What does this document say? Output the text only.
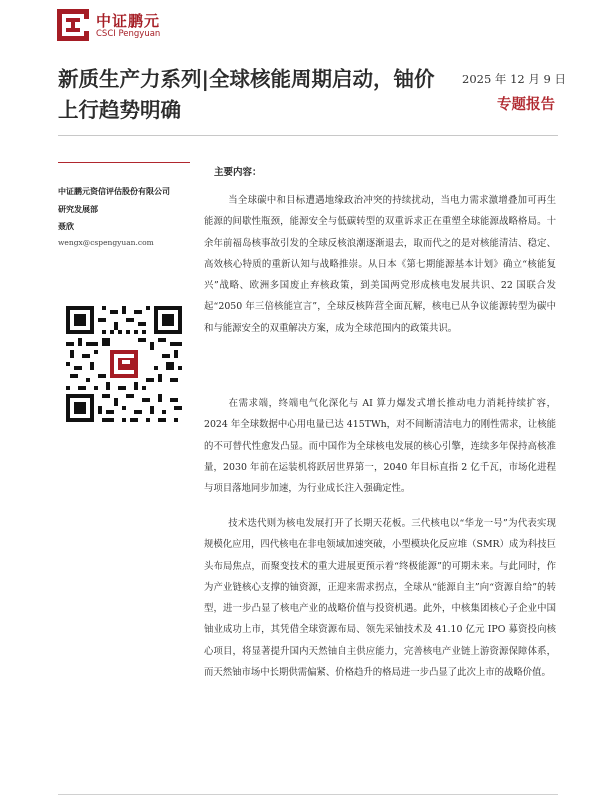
中证鹏元
CSCI Pengyuan
新质生产力系列|全球核能周期启动，铀价上行趋势明确
2025 年 12 月 9 日
专题报告
中证鹏元资信评估股份有限公司
研究发展部
聂欣
wengx@cspengyuan.com
主要内容：

当全球碳中和目标遭遇地缘政治冲突的持续扰动，当电力需求激增叠加可再生能源的间歇性瓶颈，能源安全与低碳转型的双重诉求正在重塑全球能源战略格局。十余年前福岛核事故引发的全球反核浪潮逐渐退去，取而代之的是对核能清洁、稳定、高效核心特质的重新认知与战略推崇。从日本《第七期能源基本计划》确立“核能复兴”战略、欧洲多国废止弃核政策，到美国两党形成核电发展共识、22 国联合发起“2050 年三倍核能宣言”，全球反核阵营全面瓦解，核电已从争议能源转型为碳中和与能源安全的双重解决方案，成为全球范围内的政策共识。

在需求端，终端电气化深化与 AI 算力爆发式增长推动电力消耗持续扩容，2024 年全球数据中心用电量已达 415TWh，对不间断清洁电力的刚性需求，让核能的不可替代性愈发凸显。而中国作为全球核电发展的核心引擎，连续多年保持高核准量，2030 年前在运装机将跃居世界第一，2040 年目标直指 2 亿千瓦，市场化进程与项目落地同步加速，为行业成长注入强确定性。

技术迭代则为核电发展打开了长期天花板。三代核电以“华龙一号”为代表实现规模化应用，四代核电在非电领域加速突破，小型模块化反应堆（SMR）成为科技巨头布局焦点，而聚变技术的重大进展更预示着“终极能源”的可期未来。与此同时，作为产业链核心支撑的铀资源，正迎来需求拐点，全球从“能源自主”向“资源自给”的转型，进一步凸显了核电产业的战略价值与投资机遇。此外，中核集团核心子企业中国铀业成功上市，其凭借全球资源布局、领先采铀技术及 41.10 亿元 IPO 募资投向核心项目，将显著提升国内天然铀自主供应能力，完善核电产业链上游资源保障体系，而天然铀市场中长期供需偏紧、价格趋升的格局进一步凸显了此次上市的战略价值。
